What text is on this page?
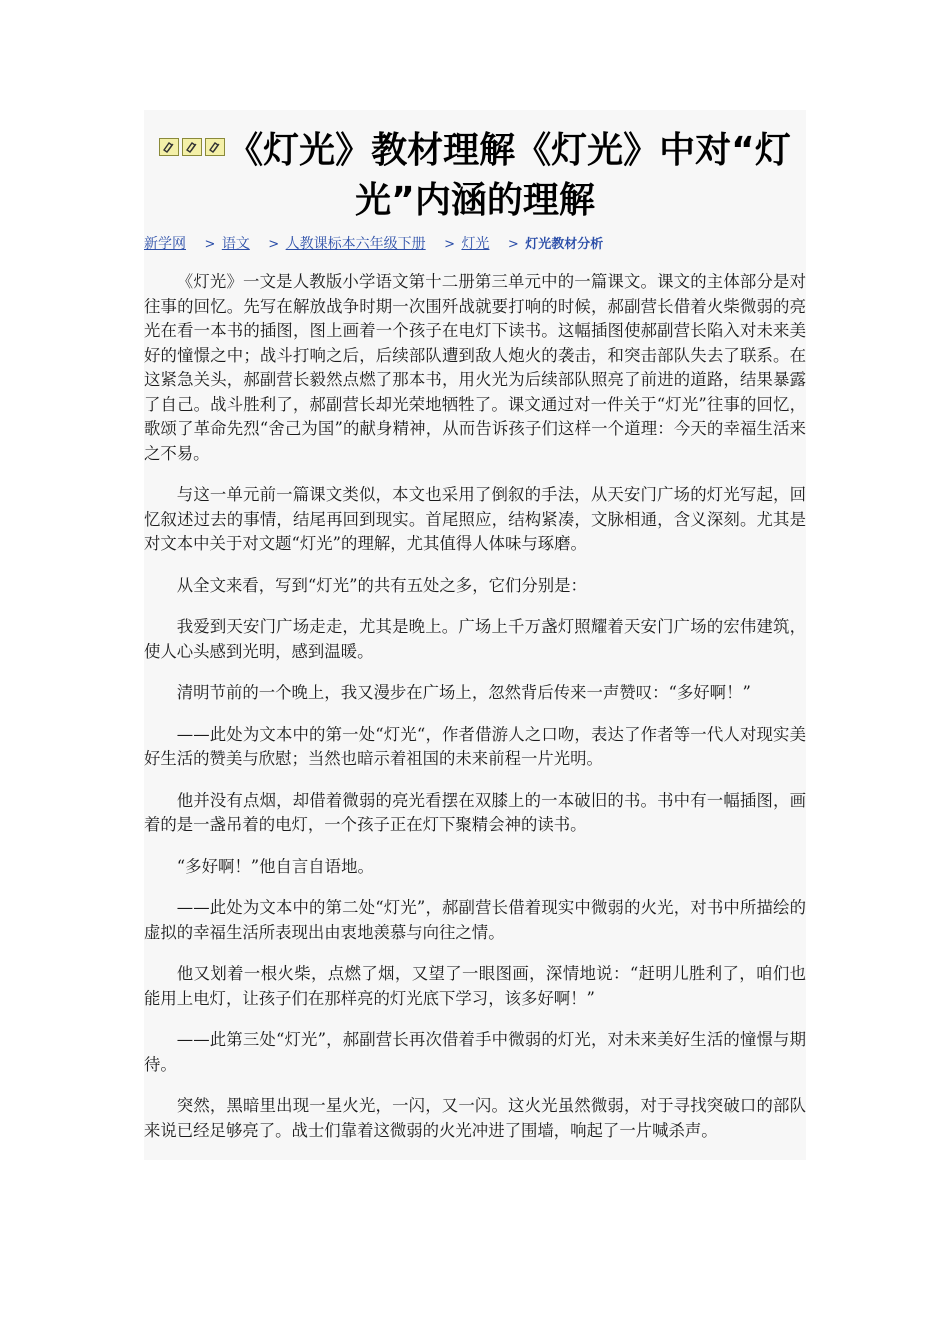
《灯光》教材理解《灯光》中对“灯光”内涵的理解
新学网 > 语文 > 人教课标本六年级下册 > 灯光 > 灯光教材分析

《灯光》一文是人教版小学语文第十二册第三单元中的一篇课文。课文的主体部分是对往事的回忆。先写在解放战争时期一次围歼战就要打响的时候，郝副营长借着火柴微弱的亮光在看一本书的插图，图上画着一个孩子在电灯下读书。这幅插图使郝副营长陷入对未来美好的憧憬之中；战斗打响之后，后续部队遭到敌人炮火的袭击，和突击部队失去了联系。在这紧急关头，郝副营长毅然点燃了那本书，用火光为后续部队照亮了前进的道路，结果暴露了自己。战斗胜利了，郝副营长却光荣地牺牲了。课文通过对一件关于“灯光”往事的回忆，歌颂了革命先烈“舍己为国”的献身精神，从而告诉孩子们这样一个道理：今天的幸福生活来之不易。

与这一单元前一篇课文类似，本文也采用了倒叙的手法，从天安门广场的灯光写起，回忆叙述过去的事情，结尾再回到现实。首尾照应，结构紧凑，文脉相通，含义深刻。尤其是对文本中关于对文题“灯光”的理解，尤其值得人体味与琢磨。

从全文来看，写到“灯光”的共有五处之多，它们分别是：

我爱到天安门广场走走，尤其是晚上。广场上千万盏灯照耀着天安门广场的宏伟建筑，使人心头感到光明，感到温暖。

清明节前的一个晚上，我又漫步在广场上，忽然背后传来一声赞叹：“多好啊！”

——此处为文本中的第一处“灯光“，作者借游人之口吻，表达了作者等一代人对现实美好生活的赞美与欣慰；当然也暗示着祖国的未来前程一片光明。

他并没有点烟，却借着微弱的亮光看摆在双膝上的一本破旧的书。书中有一幅插图，画着的是一盏吊着的电灯，一个孩子正在灯下聚精会神的读书。

“多好啊！”他自言自语地。

——此处为文本中的第二处“灯光”，郝副营长借着现实中微弱的火光，对书中所描绘的虚拟的幸福生活所表现出由衷地羡慕与向往之情。

他又划着一根火柴，点燃了烟，又望了一眼图画，深情地说：“赶明儿胜利了，咱们也能用上电灯，让孩子们在那样亮的灯光底下学习，该多好啊！”

——此第三处“灯光”，郝副营长再次借着手中微弱的灯光，对未来美好生活的憧憬与期待。

突然，黑暗里出现一星火光，一闪，又一闪。这火光虽然微弱，对于寻找突破口的部队来说已经足够亮了。战士们靠着这微弱的火光冲进了围墙，响起了一片喊杀声。
